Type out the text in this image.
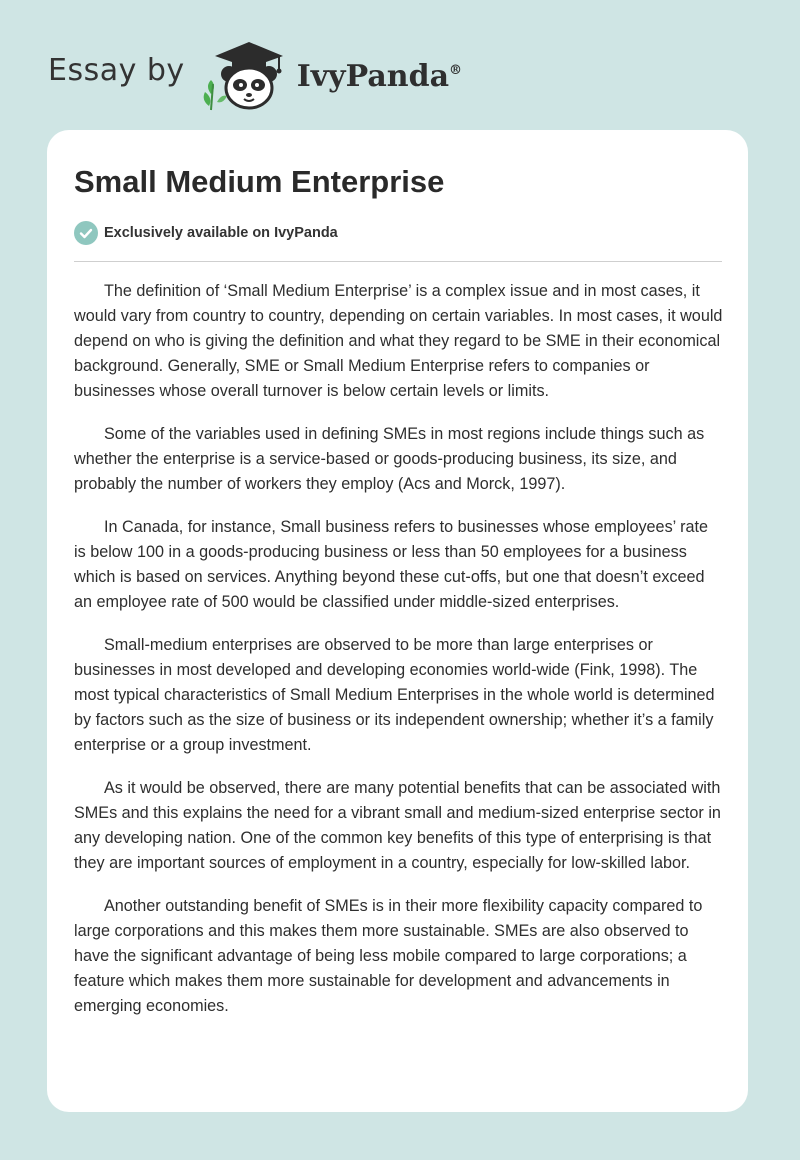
Essay by	IvyPanda®
Small Medium Enterprise
Exclusively available on IvyPanda

The definition of ‘Small Medium Enterprise’ is a complex issue and in most cases, it would vary from country to country, depending on certain variables. In most cases, it would depend on who is giving the definition and what they regard to be SME in their economical background. Generally, SME or Small Medium Enterprise refers to companies or businesses whose overall turnover is below certain levels or limits.

Some of the variables used in defining SMEs in most regions include things such as whether the enterprise is a service-based or goods-producing business, its size, and probably the number of workers they employ (Acs and Morck, 1997).

In Canada, for instance, Small business refers to businesses whose employees’ rate is below 100 in a goods-producing business or less than 50 employees for a business which is based on services. Anything beyond these cut-offs, but one that doesn’t exceed an employee rate of 500 would be classified under middle-sized enterprises.

Small-medium enterprises are observed to be more than large enterprises or businesses in most developed and developing economies world-wide (Fink, 1998). The most typical characteristics of Small Medium Enterprises in the whole world is determined by factors such as the size of business or its independent ownership; whether it’s a family enterprise or a group investment.

As it would be observed, there are many potential benefits that can be associated with SMEs and this explains the need for a vibrant small and medium-sized enterprise sector in any developing nation. One of the common key benefits of this type of enterprising is that they are important sources of employment in a country, especially for low-skilled labor.

Another outstanding benefit of SMEs is in their more flexibility capacity compared to large corporations and this makes them more sustainable. SMEs are also observed to have the significant advantage of being less mobile compared to large corporations; a feature which makes them more sustainable for development and advancements in emerging economies.
